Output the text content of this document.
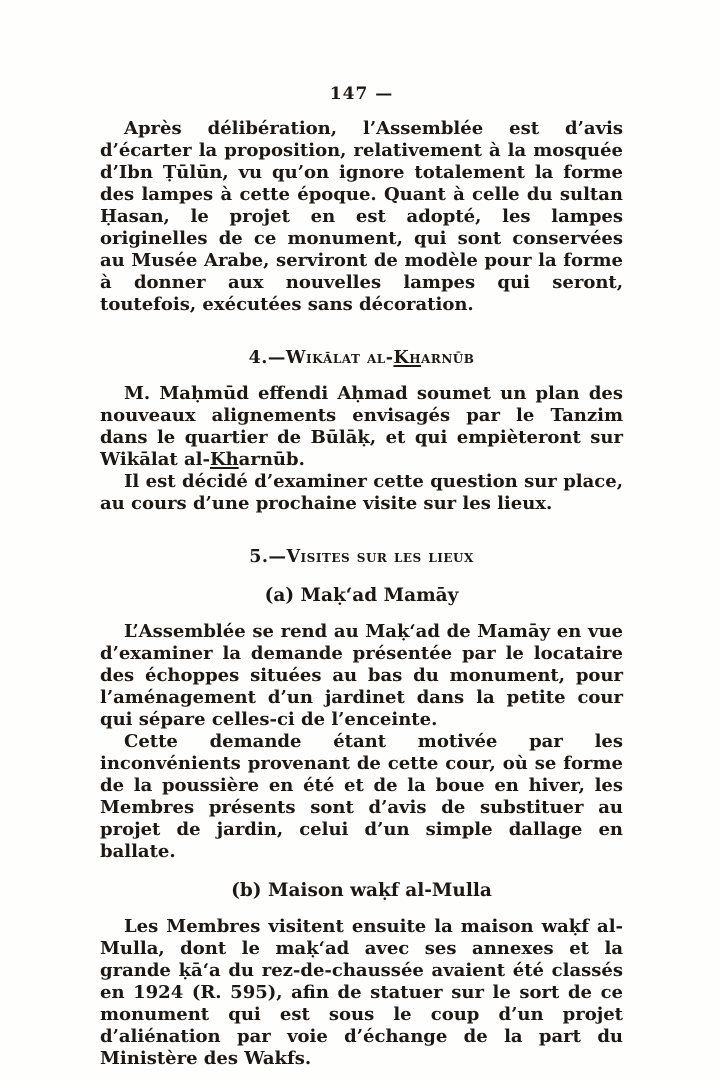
147 —

Après délibération, l’Assemblée est d’avis d’écarter la proposition, relativement à la mosquée d’Ibn Ṭūlūn, vu qu’on ignore totalement la forme des lampes à cette époque. Quant à celle du sultan Ḥasan, le projet en est adopté, les lampes originelles de ce monument, qui sont conservées au Musée Arabe, serviront de modèle pour la forme à donner aux nouvelles lampes qui seront, toutefois, exécutées sans décoration.

4.—Wikālat al-Kharnūb

M. Maḥmūd effendi Aḥmad soumet un plan des nouveaux alignements envisagés par le Tanzim dans le quartier de Būlāḳ, et qui empièteront sur Wikālat al-Kharnūb.

Il est décidé d’examiner cette question sur place, au cours d’une prochaine visite sur les lieux.

5.—Visites sur les lieux
(a) Maḳʻad Mamāy

L’Assemblée se rend au Maḳʻad de Mamāy en vue d’examiner la demande présentée par le locataire des échoppes situées au bas du monument, pour l’aménagement d’un jardinet dans la petite cour qui sépare celles-ci de l’enceinte.

Cette demande étant motivée par les inconvénients provenant de cette cour, où se forme de la poussière en été et de la boue en hiver, les Membres présents sont d’avis de substituer au projet de jardin, celui d’un simple dallage en ballate.

(b) Maison waḳf al-Mulla

Les Membres visitent ensuite la maison waḳf al-Mulla, dont le maḳʻad avec ses annexes et la grande ḳāʻa du rez-de-chaussée avaient été classés en 1924 (R. 595), afin de statuer sur le sort de ce monument qui est sous le coup d’un projet d’aliénation par voie d’échange de la part du Ministère des Wakfs.
